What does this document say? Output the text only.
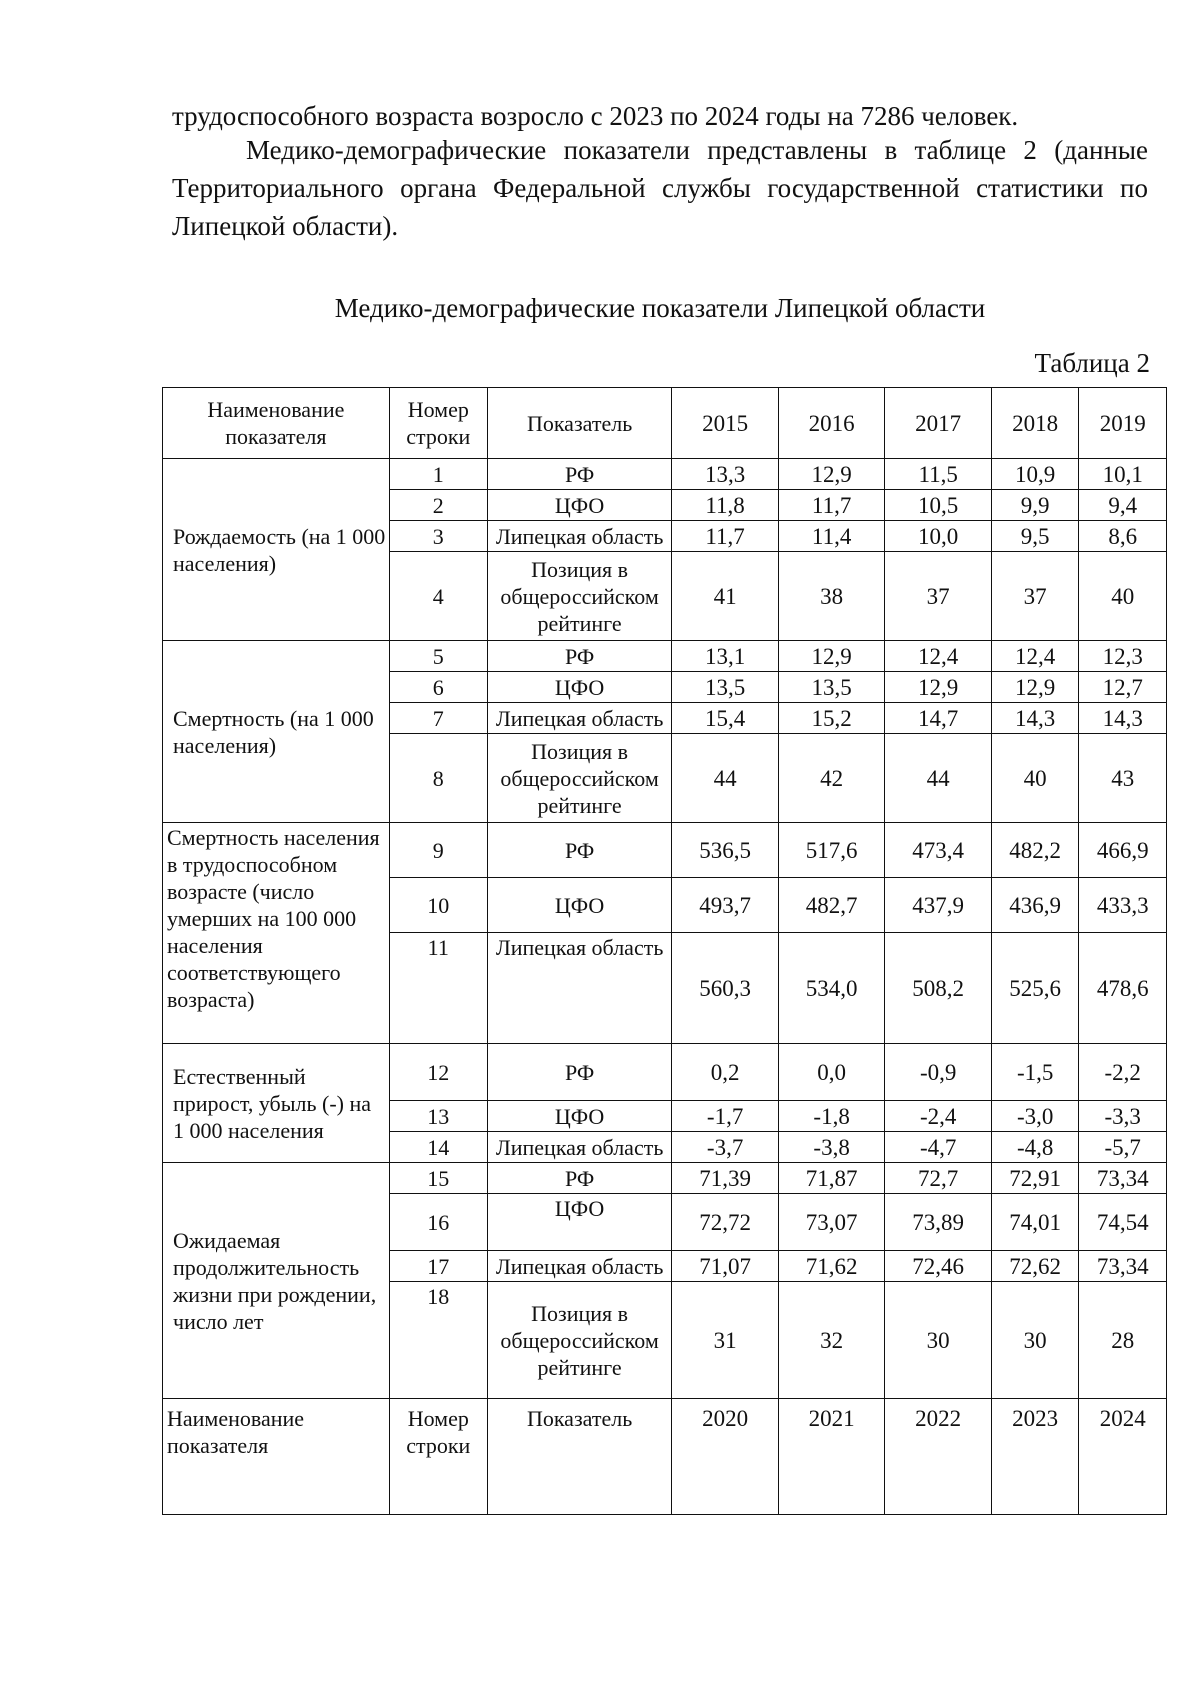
трудоспособного возраста возросло с 2023 по 2024 годы на 7286 человек.

Медико-демографические показатели представлены в таблице 2 (данные Территориального органа Федеральной службы государственной статистики по Липецкой области).

Медико-демографические показатели Липецкой области
Таблица 2
Наименование показателя	Номер строки	Показатель	2015	2016	2017	2018	2019
Рождаемость (на 1 000 населения)	1	РФ	13,3	12,9	11,5	10,9	10,1
	2	ЦФО	11,8	11,7	10,5	9,9	9,4
	3	Липецкая область	11,7	11,4	10,0	9,5	8,6
	4	Позиция в общероссийском рейтинге	41	38	37	37	40
Смертность (на 1 000 населения)	5	РФ	13,1	12,9	12,4	12,4	12,3
	6	ЦФО	13,5	13,5	12,9	12,9	12,7
	7	Липецкая область	15,4	15,2	14,7	14,3	14,3
	8	Позиция в общероссийском рейтинге	44	42	44	40	43
Смертность населения в трудоспособном возрасте (число умерших на 100 000 населения соответствующего возраста)	9	РФ	536,5	517,6	473,4	482,2	466,9
	10	ЦФО	493,7	482,7	437,9	436,9	433,3
	11	Липецкая область	560,3	534,0	508,2	525,6	478,6
Естественный прирост, убыль (-) на 1 000 населения	12	РФ	0,2	0,0	-0,9	-1,5	-2,2
	13	ЦФО	-1,7	-1,8	-2,4	-3,0	-3,3
	14	Липецкая область	-3,7	-3,8	-4,7	-4,8	-5,7
Ожидаемая продолжительность жизни при рождении, число лет	15	РФ	71,39	71,87	72,7	72,91	73,34
	16	ЦФО	72,72	73,07	73,89	74,01	74,54
	17	Липецкая область	71,07	71,62	72,46	72,62	73,34
	18	Позиция в общероссийском рейтинге	31	32	30	30	28
Наименование показателя	Номер строки	Показатель	2020	2021	2022	2023	2024
